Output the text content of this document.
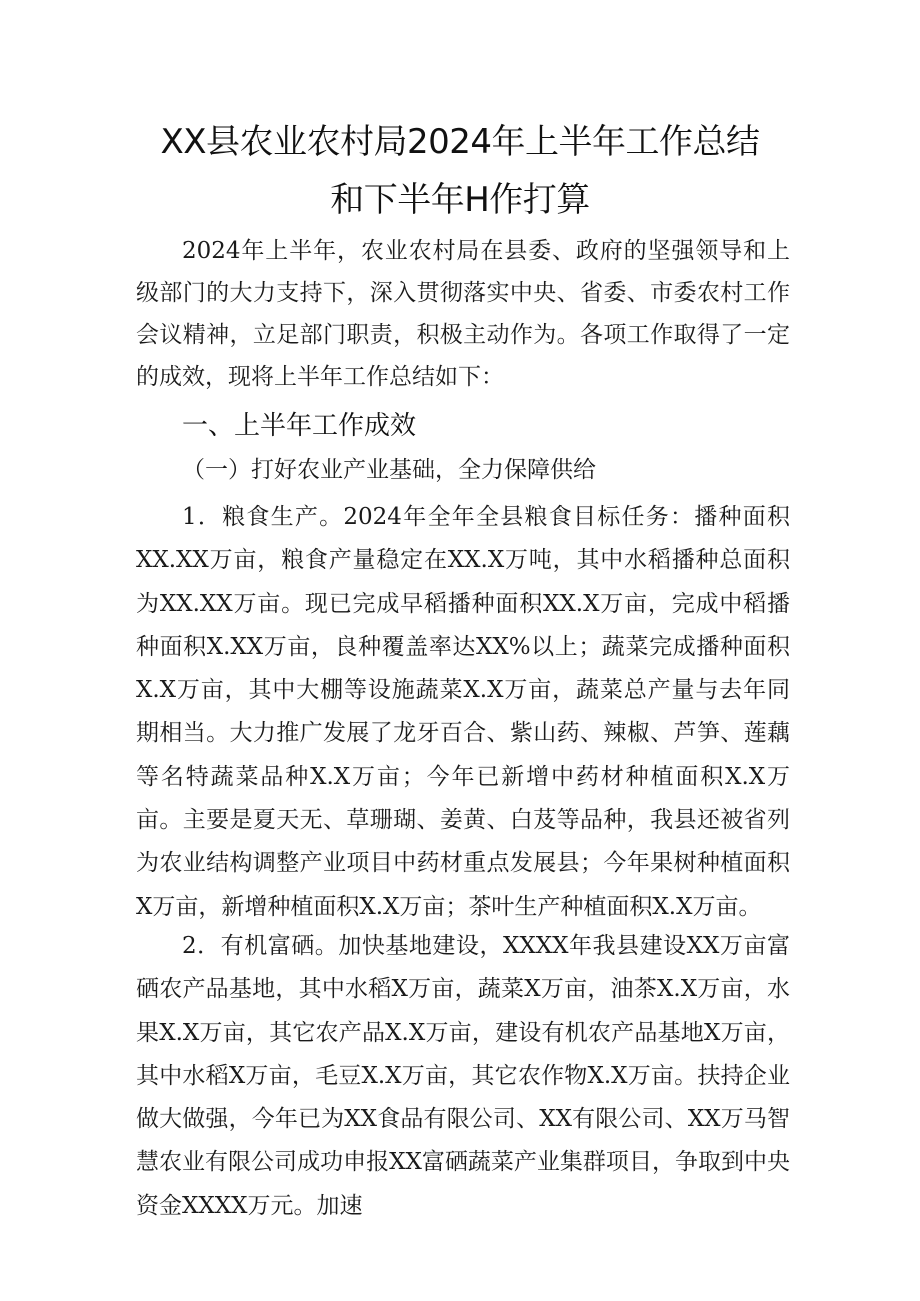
XX县农业农村局2024年上半年工作总结
和下半年H作打算

2024年上半年，农业农村局在县委、政府的坚强领导和上级部门的大力支持下，深入贯彻落实中央、省委、市委农村工作会议精神，立足部门职责，积极主动作为。各项工作取得了一定的成效，现将上半年工作总结如下：

一、上半年工作成效
（一）打好农业产业基础，全力保障供给

1．粮食生产。2024年全年全县粮食目标任务：播种面积XX.XX万亩，粮食产量稳定在XX.X万吨，其中水稻播种总面积为XX.XX万亩。现已完成早稻播种面积XX.X万亩，完成中稻播种面积X.XX万亩，良种覆盖率达XX%以上；蔬菜完成播种面积X.X万亩，其中大棚等设施蔬菜X.X万亩，蔬菜总产量与去年同期相当。大力推广发展了龙牙百合、紫山药、辣椒、芦笋、莲藕等名特蔬菜品种X.X万亩；今年已新增中药材种植面积X.X万亩。主要是夏天无、草珊瑚、姜黄、白芨等品种，我县还被省列为农业结构调整产业项目中药材重点发展县；今年果树种植面积X万亩，新增种植面积X.X万亩；茶叶生产种植面积X.X万亩。

2．有机富硒。加快基地建设，XXXX年我县建设XX万亩富硒农产品基地，其中水稻X万亩，蔬菜X万亩，油茶X.X万亩，水果X.X万亩，其它农产品X.X万亩，建设有机农产品基地X万亩，其中水稻X万亩，毛豆X.X万亩，其它农作物X.X万亩。扶持企业做大做强，今年已为XX食品有限公司、XX有限公司、XX万马智慧农业有限公司成功申报XX富硒蔬菜产业集群项目，争取到中央资金XXXX万元。加速
